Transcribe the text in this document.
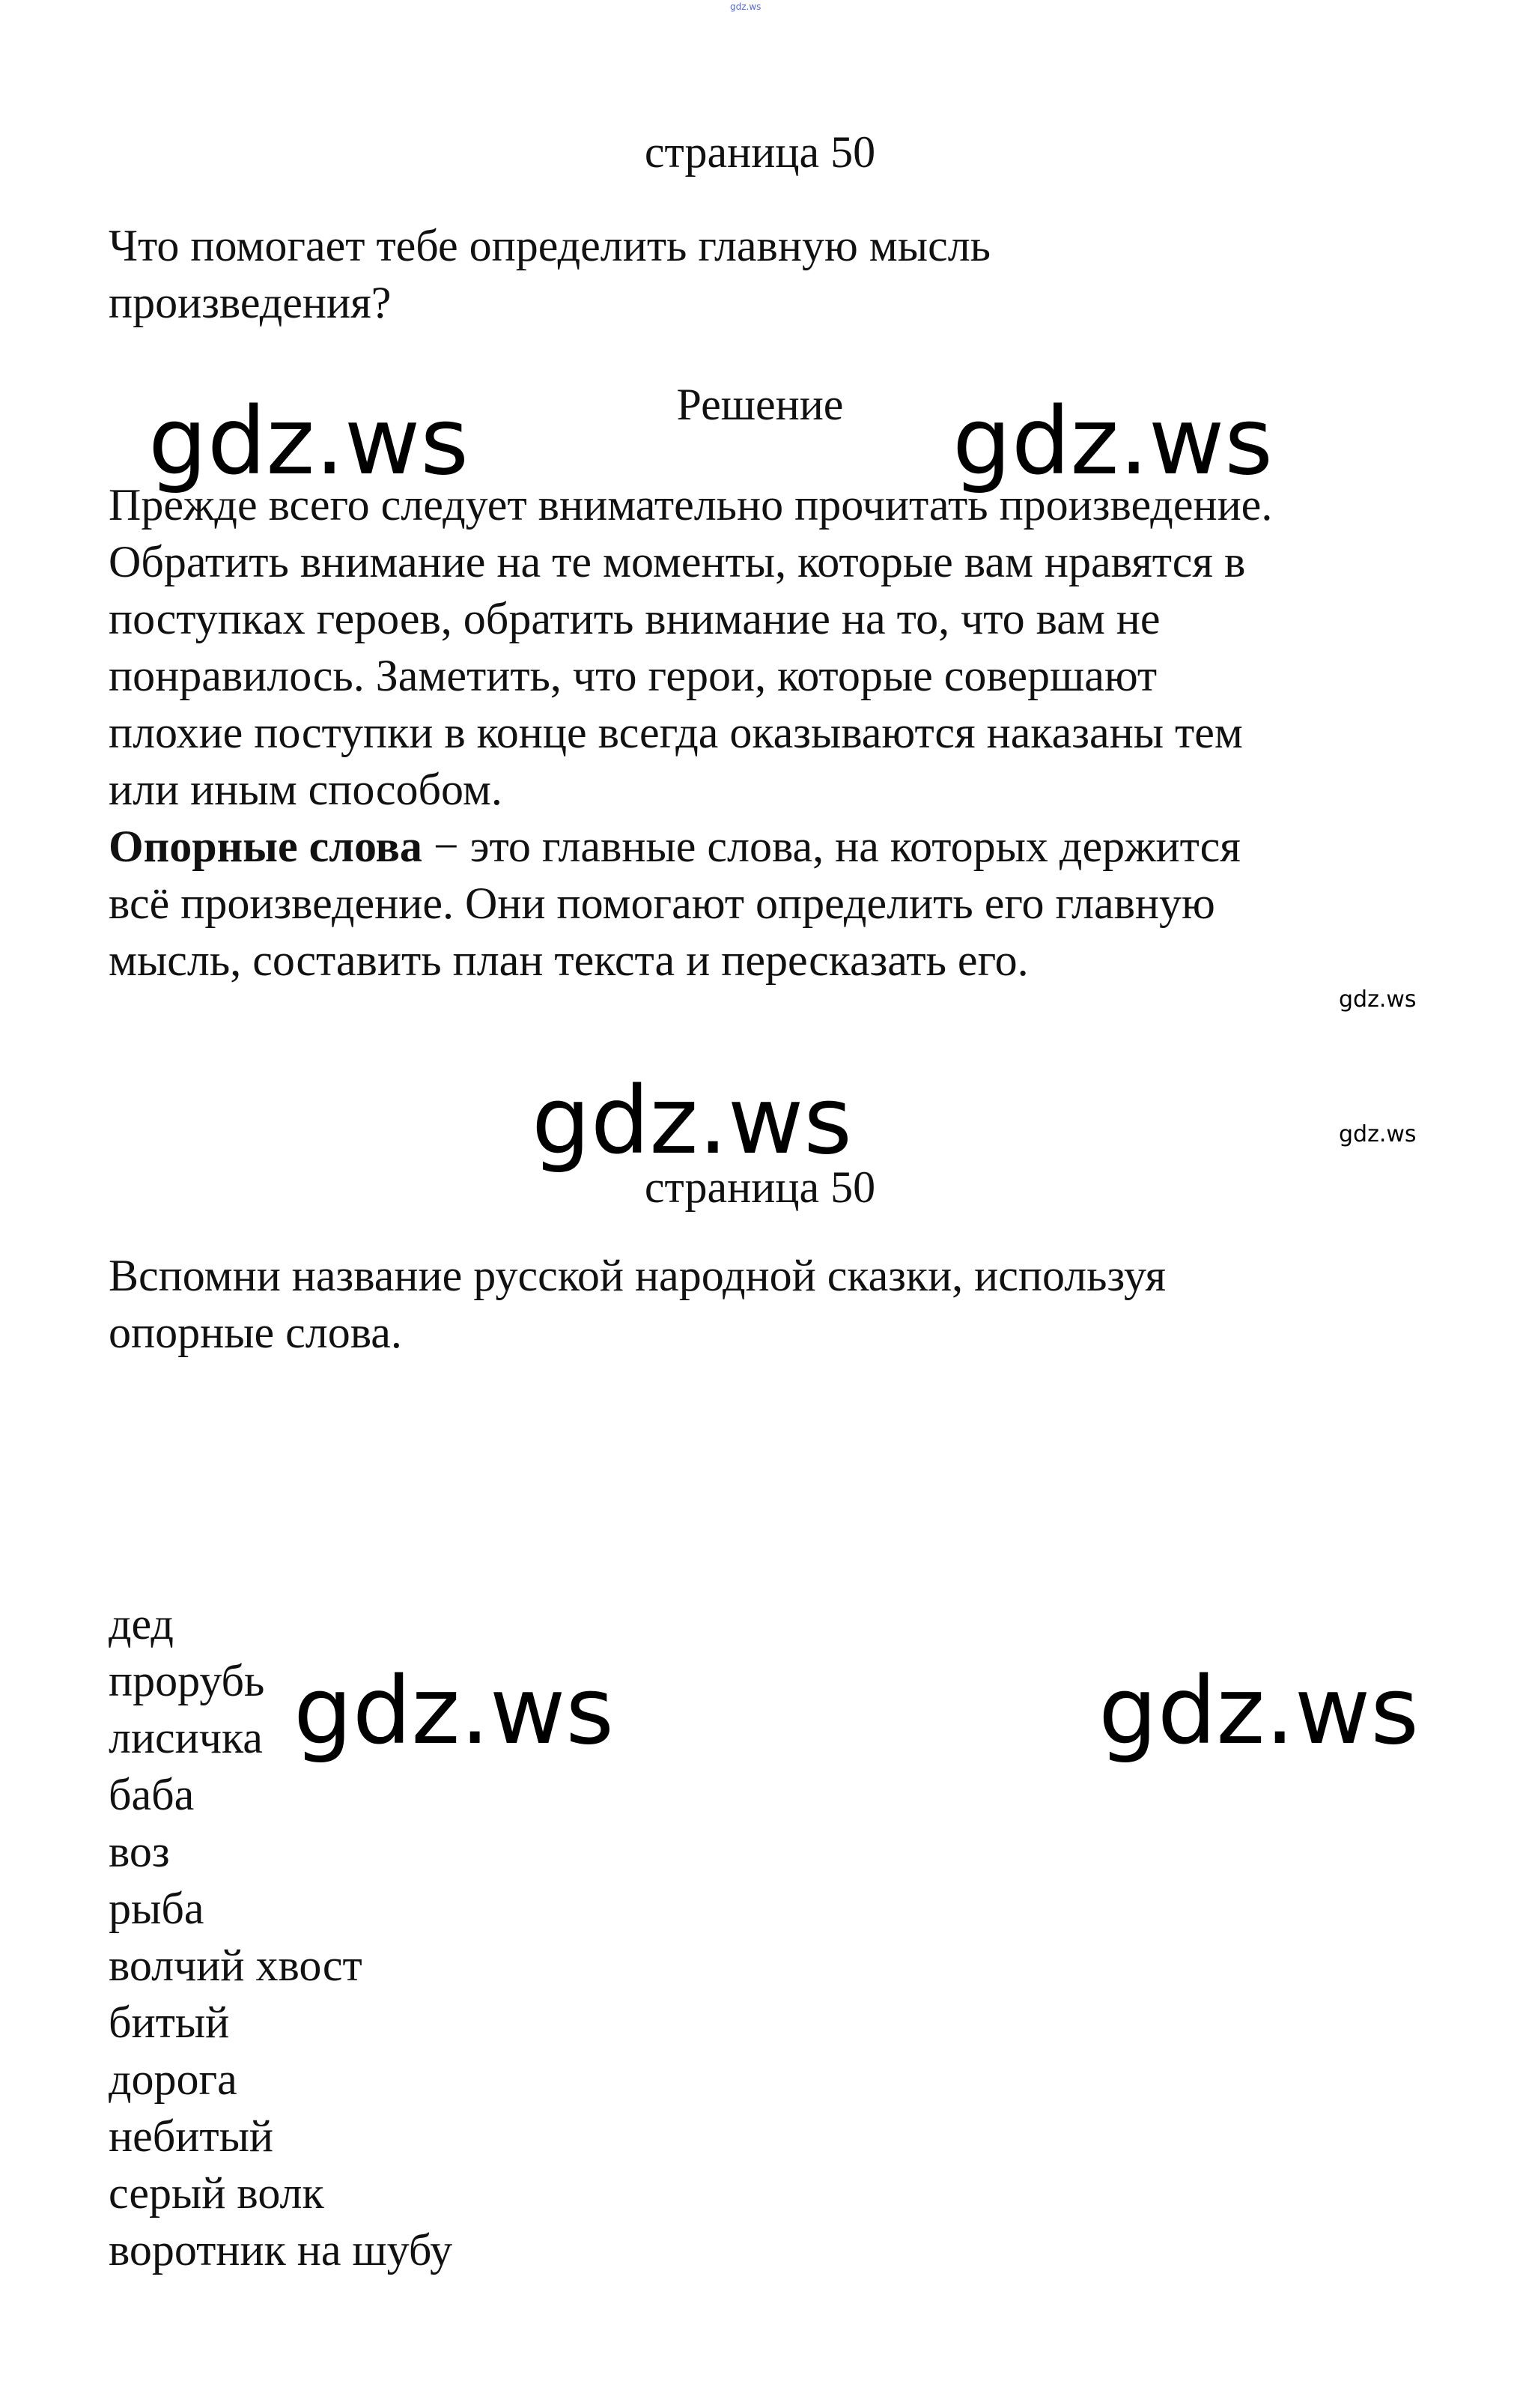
gdz.ws
страница 50
Что помогает тебе определить главную мысль
произведения?
Решение
Прежде всего следует внимательно прочитать произведение.
Обратить внимание на те моменты, которые вам нравятся в
поступках героев, обратить внимание на то, что вам не
понравилось. Заметить, что герои, которые совершают
плохие поступки в конце всегда оказываются наказаны тем
или иным способом.
Опорные слова − это главные слова, на которых держится
всё произведение. Они помогают определить его главную
мысль, составить план текста и пересказать его.
страница 50
Вспомни название русской народной сказки, используя
опорные слова.
дед
прорубь
лисичка
баба
воз
рыба
волчий хвост
битый
дорога
небитый
серый волк
воротник на шубу
gdz.ws	gdz.ws
gdz.ws
gdz.ws	gdz.ws
gdz.ws
gdz.ws
